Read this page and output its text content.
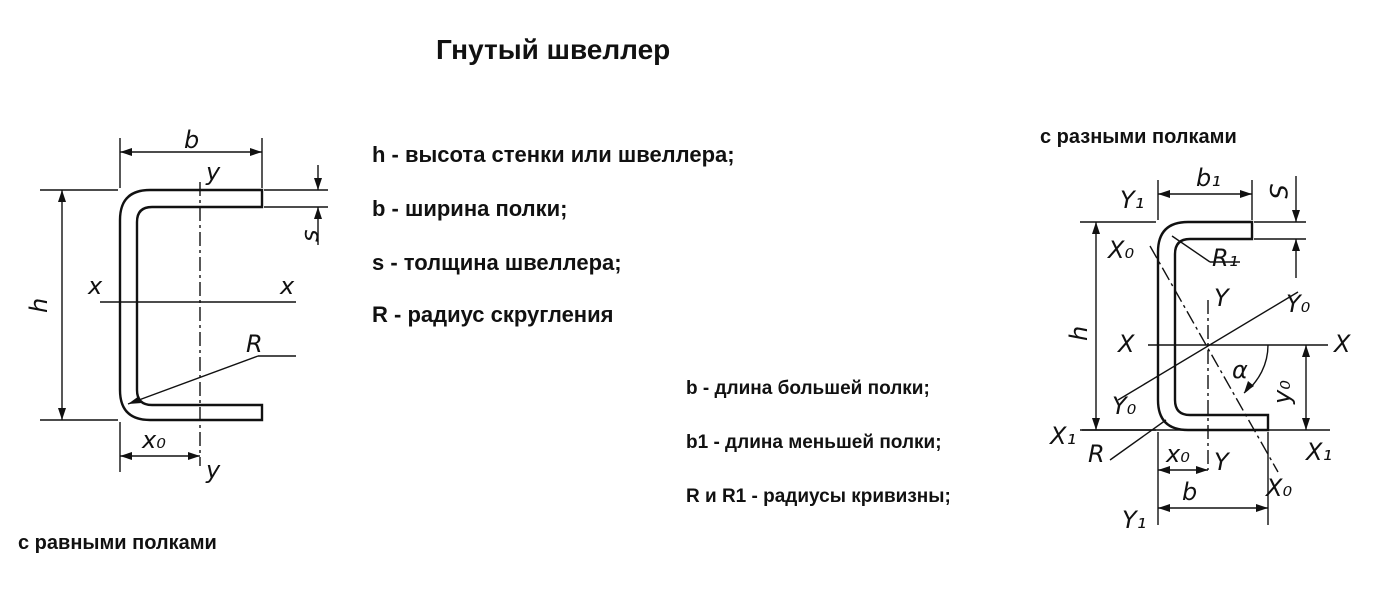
Гнутый швеллер
b
y
y
s
h
x	x
R
x₀
b₁ S
Y₁
X₀	R₁
Y₀
Y
h X	X
α
y₀
Y₀
X₁
X₁
R	x₀ Y
X₀
b
Y₁
с равными полками
с разными полками
h - высота стенки или швеллера;
b - ширина полки;
s - толщина швеллера;
R - радиус скругления
b - длина большей полки;
b1 - длина меньшей полки;
R и R1 - радиусы кривизны;
